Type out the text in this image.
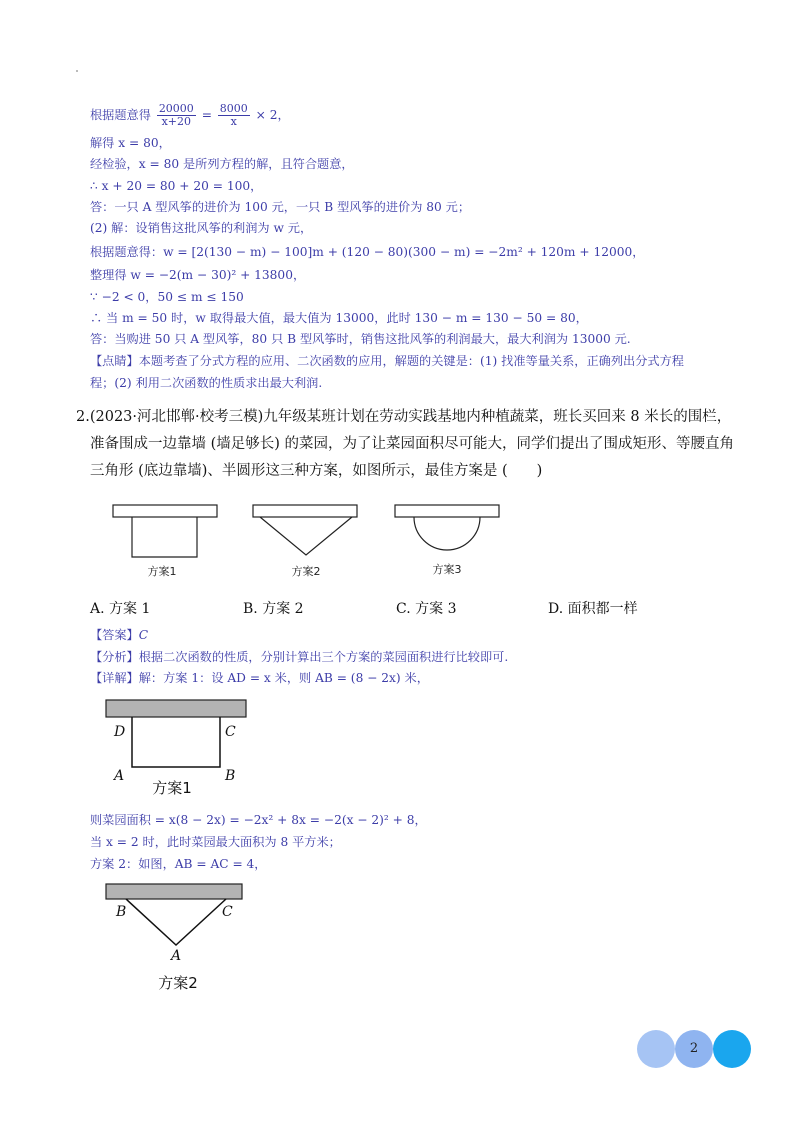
根据题意得 $\frac{20000}{x+20} = \frac{8000}{x} \times 2$，

解得 x = 80，

经检验，x = 80 是所列方程的解，且符合题意，

∴ x + 20 = 80 + 20 = 100，

答：一只 A 型风筝的进价为 100 元，一只 B 型风筝的进价为 80 元；

(2) 解：设销售这批风筝的利润为 w 元，

根据题意得：w = [2(130 − m) − 100]m + (120 − 80)(300 − m) = −2m² + 120m + 12000，

整理得 w = −2(m − 30)² + 13800，

∵ −2 < 0，50 ≤ m ≤ 150

∴ 当 m = 50 时，w 取得最大值，最大值为 13000，此时 130 − m = 130 − 50 = 80，

答：当购进 50 只 A 型风筝，80 只 B 型风筝时，销售这批风筝的利润最大，最大利润为 13000 元.

【点睛】本题考查了分式方程的应用、二次函数的应用，解题的关键是：(1) 找准等量关系，正确列出分式方程

程；(2) 利用二次函数的性质求出最大利润.

2.(2023·河北邯郸·校考三模)九年级某班计划在劳动实践基地内种植蔬菜，班长买回来 8 米长的围栏，
准备围成一边靠墙 (墙足够长) 的菜园，为了让菜园面积尽可能大，同学们提出了围成矩形、等腰直角
三角形 (底边靠墙)、半圆形这三种方案，如图所示，最佳方案是 (　　)
方案1	方案2	方案3
A. 方案 1	B. 方案 2	C. 方案 3	D. 面积都一样

【答案】C

【分析】根据二次函数的性质，分别计算出三个方案的菜园面积进行比较即可.

【详解】解：方案 1：设 AD = x 米，则 AB = (8 − 2x) 米，

D	C
A	B
方案1

则菜园面积 = x(8 − 2x) = −2x² + 8x = −2(x − 2)² + 8，

当 x = 2 时，此时菜园最大面积为 8 平方米；

方案 2：如图，AB = AC = 4，

B	C
A
方案2
2
